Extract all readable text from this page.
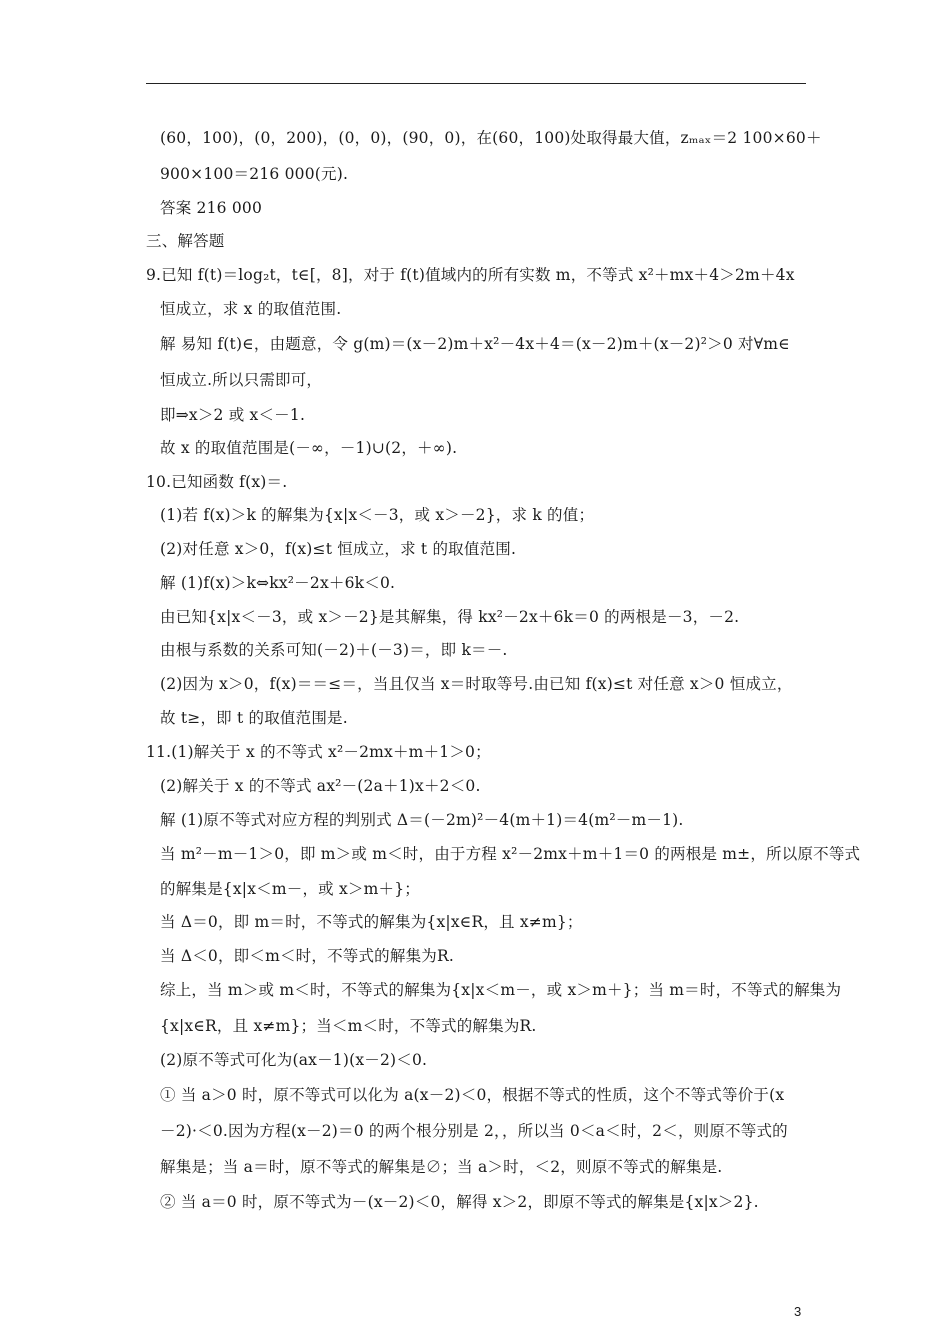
(60，100)，(0，200)，(0，0)，(90，0)，在(60，100)处取得最大值，zₘₐₓ＝2 100×60＋
900×100＝216 000(元).
答案 216 000
三、解答题
9.已知 f(t)＝log₂t，t∈[，8]，对于 f(t)值域内的所有实数 m，不等式 x²＋mx＋4＞2m＋4x
恒成立，求 x 的取值范围.
解 易知 f(t)∈，由题意，令 g(m)＝(x－2)m＋x²－4x＋4＝(x－2)m＋(x－2)²＞0 对∀m∈
恒成立.所以只需即可，
即⇒x＞2 或 x＜－1.
故 x 的取值范围是(－∞，－1)∪(2，＋∞).
10.已知函数 f(x)＝.
(1)若 f(x)＞k 的解集为{x|x＜－3，或 x＞－2}，求 k 的值；
(2)对任意 x＞0，f(x)≤t 恒成立，求 t 的取值范围.
解 (1)f(x)＞k⇔kx²－2x＋6k＜0.
由已知{x|x＜－3，或 x＞－2}是其解集，得 kx²－2x＋6k＝0 的两根是－3，－2.
由根与系数的关系可知(－2)＋(－3)＝，即 k＝－.
(2)因为 x＞0，f(x)＝＝≤＝，当且仅当 x＝时取等号.由已知 f(x)≤t 对任意 x＞0 恒成立，
故 t≥，即 t 的取值范围是.
11.(1)解关于 x 的不等式 x²－2mx＋m＋1＞0；
(2)解关于 x 的不等式 ax²－(2a＋1)x＋2＜0.
解 (1)原不等式对应方程的判别式 Δ＝(－2m)²－4(m＋1)＝4(m²－m－1).
当 m²－m－1＞0，即 m＞或 m＜时，由于方程 x²－2mx＋m＋1＝0 的两根是 m±，所以原不等式
的解集是{x|x＜m－，或 x＞m＋}；
当 Δ＝0，即 m＝时，不等式的解集为{x|x∈R，且 x≠m}；
当 Δ＜0，即＜m＜时，不等式的解集为R.
综上，当 m＞或 m＜时，不等式的解集为{x|x＜m－，或 x＞m＋}；当 m＝时，不等式的解集为
{x|x∈R，且 x≠m}；当＜m＜时，不等式的解集为R.
(2)原不等式可化为(ax－1)(x－2)＜0.
① 当 a＞0 时，原不等式可以化为 a(x－2)＜0，根据不等式的性质，这个不等式等价于(x
－2)·＜0.因为方程(x－2)＝0 的两个根分别是 2，，所以当 0＜a＜时，2＜，则原不等式的
解集是；当 a＝时，原不等式的解集是∅；当 a＞时，＜2，则原不等式的解集是.
② 当 a＝0 时，原不等式为－(x－2)＜0，解得 x＞2，即原不等式的解集是{x|x＞2}.
3
